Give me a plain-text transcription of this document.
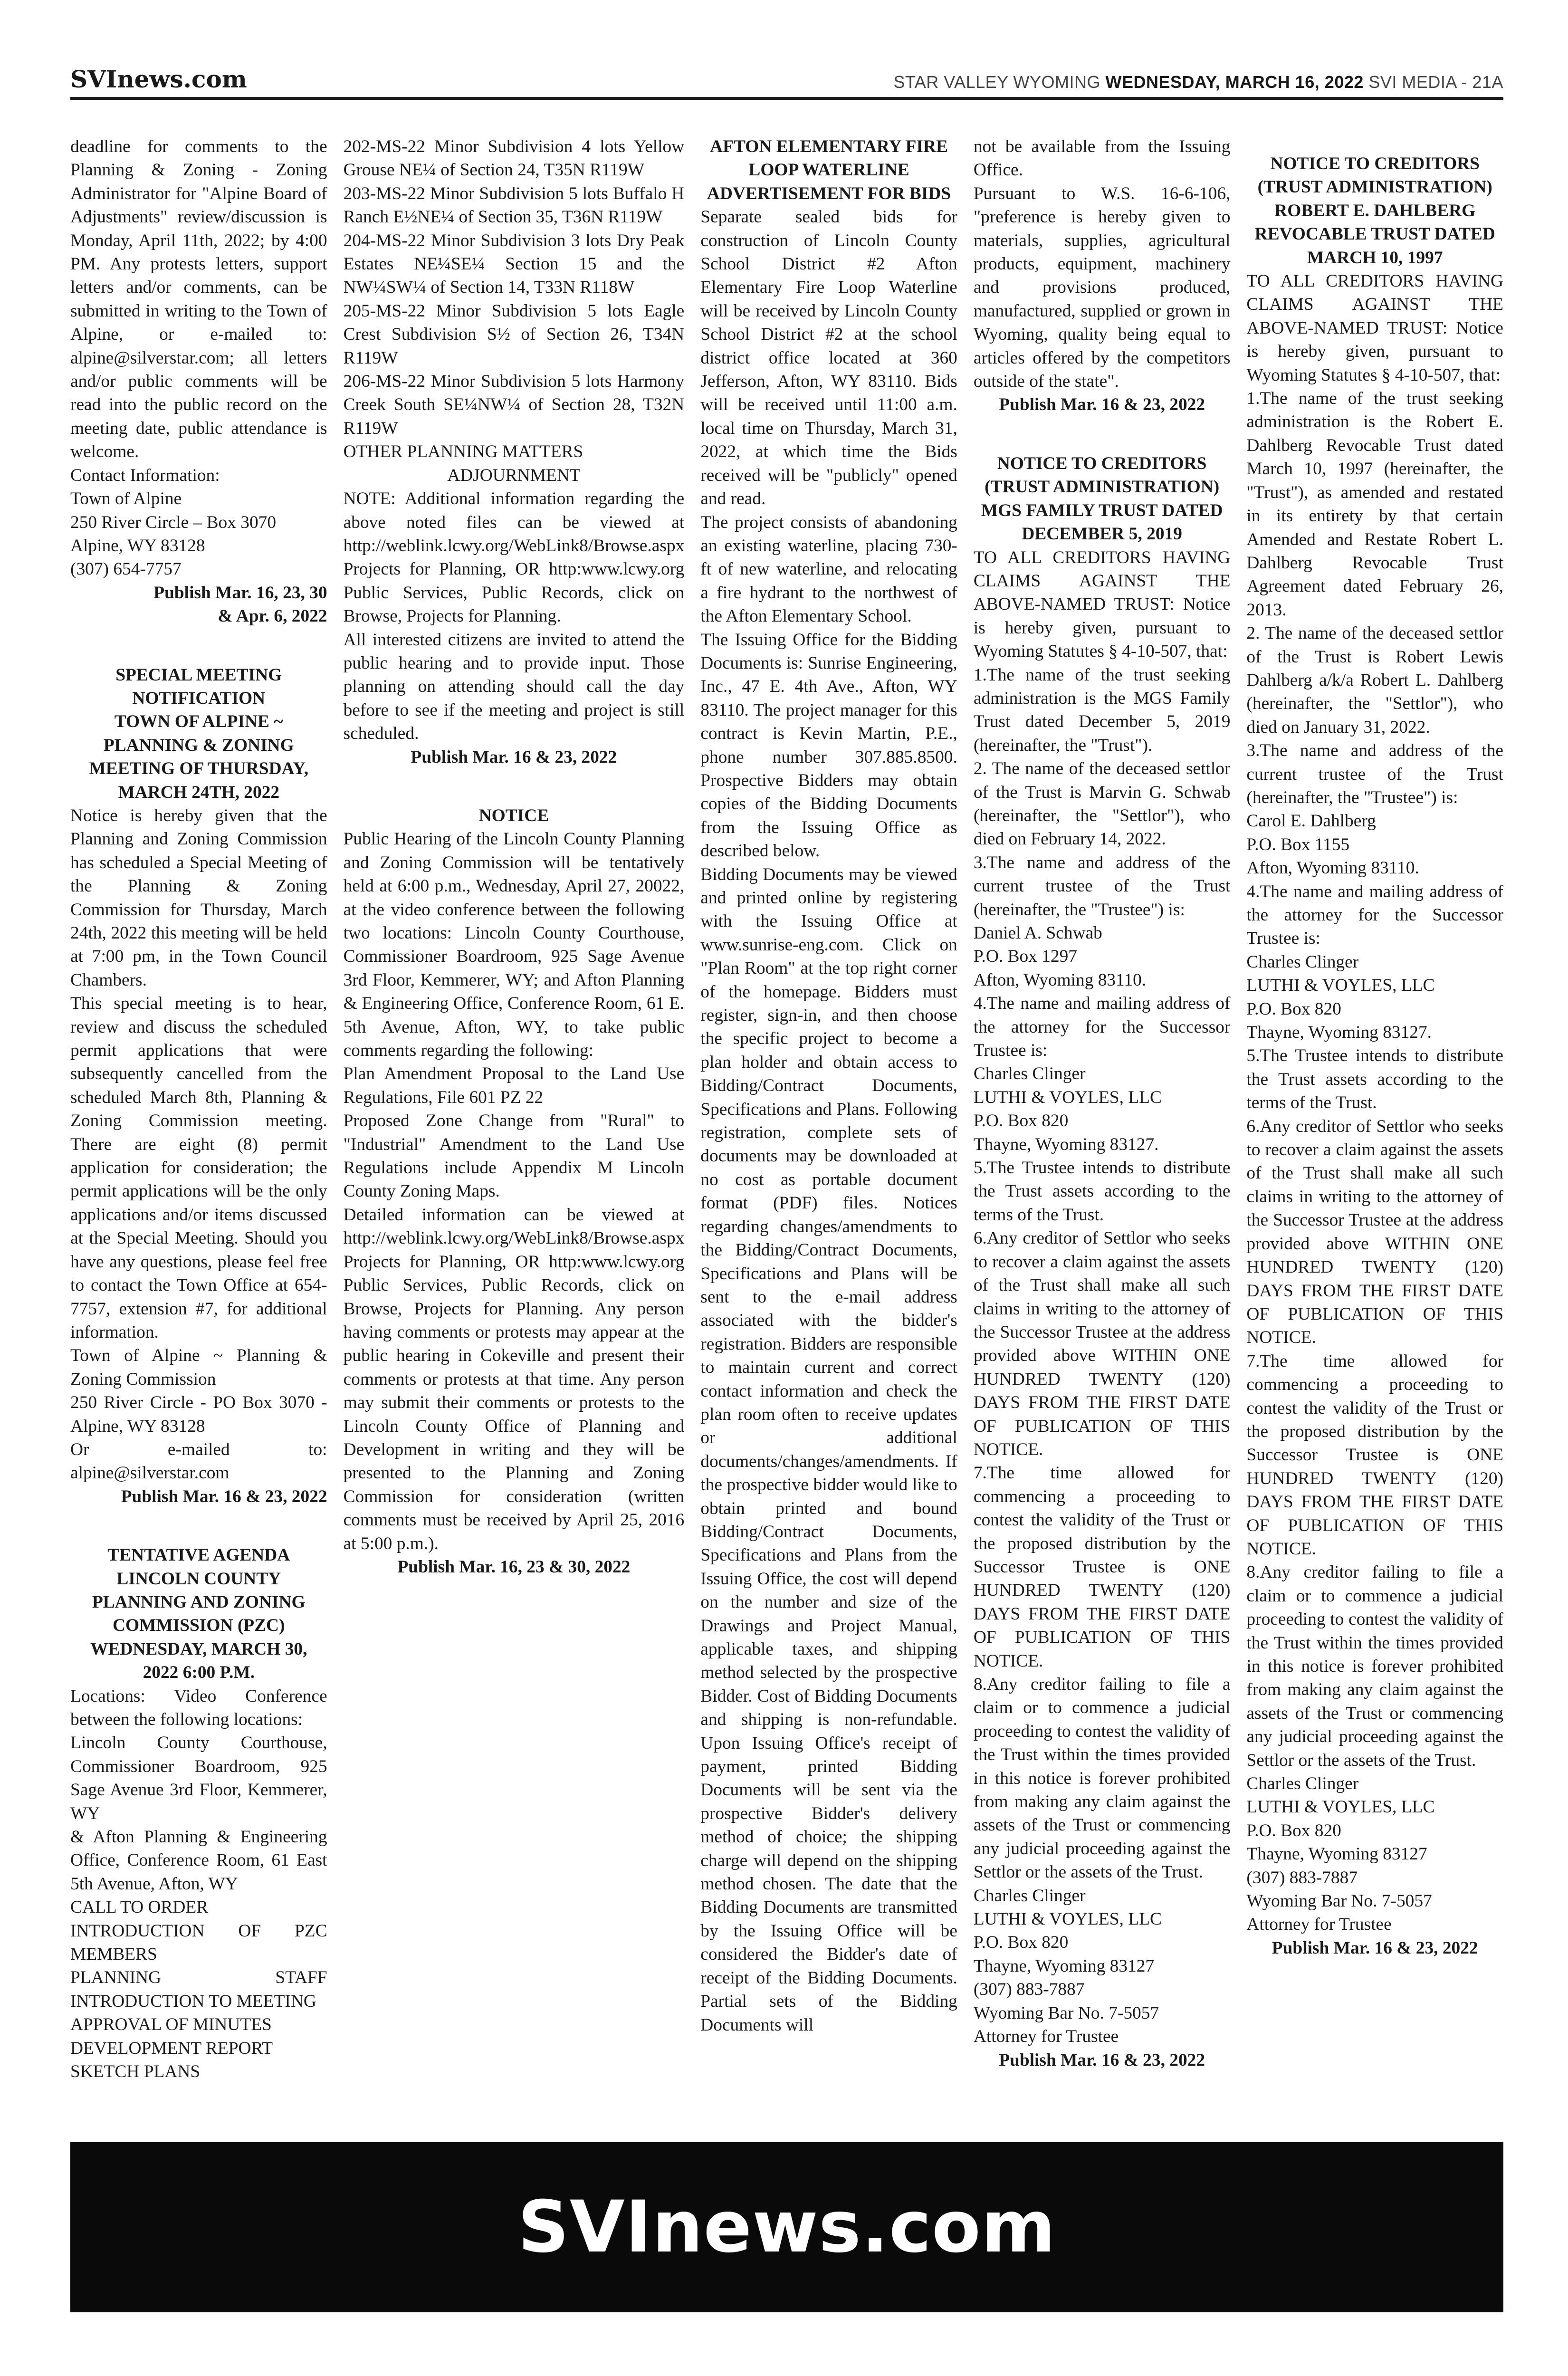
SVInews.com	STAR VALLEY WYOMING WEDNESDAY, MARCH 16, 2022 SVI MEDIA - 21A

deadline for comments to the Planning & Zoning - Zoning Administrator for "Alpine Board of Adjustments" review/discussion is Monday, April 11th, 2022; by 4:00 PM. Any protests letters, support letters and/or comments, can be submitted in writing to the Town of Alpine, or e-mailed to: alpine@silverstar.com; all letters and/or public comments will be read into the public record on the meeting date, public attendance is welcome.

Contact Information:

Town of Alpine

250 River Circle – Box 3070

Alpine, WY 83128

(307) 654-7757

Publish Mar. 16, 23, 30

& Apr. 6, 2022

SPECIAL MEETING

NOTIFICATION

TOWN OF ALPINE ~

PLANNING & ZONING

MEETING OF THURSDAY,

MARCH 24TH, 2022

Notice is hereby given that the Planning and Zoning Commission has scheduled a Special Meeting of the Planning & Zoning Commission for Thursday, March 24th, 2022 this meeting will be held at 7:00 pm, in the Town Council Chambers.

This special meeting is to hear, review and discuss the scheduled permit applications that were subsequently cancelled from the scheduled March 8th, Planning & Zoning Commission meeting. There are eight (8) permit application for consideration; the permit applications will be the only applications and/or items discussed at the Special Meeting. Should you have any questions, please feel free to contact the Town Office at 654-7757, extension #7, for additional information.

Town of Alpine ~ Planning & Zoning Commission

250 River Circle - PO Box 3070 - Alpine, WY 83128

Or e-mailed to: alpine@silverstar.com

Publish Mar. 16 & 23, 2022

TENTATIVE AGENDA

LINCOLN COUNTY

PLANNING AND ZONING

COMMISSION (PZC)

WEDNESDAY, MARCH 30,

2022 6:00 P.M.

Locations: Video Conference between the following locations:

Lincoln County Courthouse, Commissioner Boardroom, 925 Sage Avenue 3rd Floor, Kemmerer, WY

& Afton Planning & Engineering Office, Conference Room, 61 East 5th Avenue, Afton, WY

CALL TO ORDER

INTRODUCTION OF PZC MEMBERS

PLANNING STAFF INTRODUCTION TO MEETING

APPROVAL OF MINUTES

DEVELOPMENT REPORT

SKETCH PLANS

202-MS-22 Minor Subdivision 4 lots Yellow Grouse NE¼ of Section 24, T35N R119W

203-MS-22 Minor Subdivision 5 lots Buffalo H Ranch E½NE¼ of Section 35, T36N R119W

204-MS-22 Minor Subdivision 3 lots Dry Peak Estates NE¼SE¼ Section 15 and the NW¼SW¼ of Section 14, T33N R118W

205-MS-22 Minor Subdivision 5 lots Eagle Crest Subdivision S½ of Section 26, T34N R119W

206-MS-22 Minor Subdivision 5 lots Harmony Creek South SE¼NW¼ of Section 28, T32N R119W

OTHER PLANNING MATTERS

ADJOURNMENT

NOTE: Additional information regarding the above noted files can be viewed at http://weblink.lcwy.org/WebLink8/Browse.aspx Projects for Planning, OR http:www.lcwy.org Public Services, Public Records, click on Browse, Projects for Planning.

All interested citizens are invited to attend the public hearing and to provide input. Those planning on attending should call the day before to see if the meeting and project is still scheduled.

Publish Mar. 16 & 23, 2022

NOTICE

Public Hearing of the Lincoln County Planning and Zoning Commission will be tentatively held at 6:00 p.m., Wednesday, April 27, 20022, at the video conference between the following two locations: Lincoln County Courthouse, Commissioner Boardroom, 925 Sage Avenue 3rd Floor, Kemmerer, WY; and Afton Planning & Engineering Office, Conference Room, 61 E. 5th Avenue, Afton, WY, to take public comments regarding the following:

Plan Amendment Proposal to the Land Use Regulations, File 601 PZ 22

Proposed Zone Change from "Rural" to "Industrial" Amendment to the Land Use Regulations include Appendix M Lincoln County Zoning Maps.

Detailed information can be viewed at http://weblink.lcwy.org/WebLink8/Browse.aspx Projects for Planning, OR http:www.lcwy.org Public Services, Public Records, click on Browse, Projects for Planning. Any person having comments or protests may appear at the public hearing in Cokeville and present their comments or protests at that time. Any person may submit their comments or protests to the Lincoln County Office of Planning and Development in writing and they will be presented to the Planning and Zoning Commission for consideration (written comments must be received by April 25, 2016 at 5:00 p.m.).

Publish Mar. 16, 23 & 30, 2022

AFTON ELEMENTARY FIRE

LOOP WATERLINE

ADVERTISEMENT FOR BIDS

Separate sealed bids for construction of Lincoln County School District #2 Afton Elementary Fire Loop Waterline will be received by Lincoln County School District #2 at the school district office located at 360 Jefferson, Afton, WY 83110. Bids will be received until 11:00 a.m. local time on Thursday, March 31, 2022, at which time the Bids received will be "publicly" opened and read.

The project consists of abandoning an existing waterline, placing 730-ft of new waterline, and relocating a fire hydrant to the northwest of the Afton Elementary School.

The Issuing Office for the Bidding Documents is: Sunrise Engineering, Inc., 47 E. 4th Ave., Afton, WY 83110. The project manager for this contract is Kevin Martin, P.E., phone number 307.885.8500. Prospective Bidders may obtain copies of the Bidding Documents from the Issuing Office as described below.

Bidding Documents may be viewed and printed online by registering with the Issuing Office at www.sunrise-eng.com. Click on "Plan Room" at the top right corner of the homepage. Bidders must register, sign-in, and then choose the specific project to become a plan holder and obtain access to Bidding/Contract Documents, Specifications and Plans. Following registration, complete sets of documents may be downloaded at no cost as portable document format (PDF) files. Notices regarding changes/amendments to the Bidding/Contract Documents, Specifications and Plans will be sent to the e-mail address associated with the bidder's registration. Bidders are responsible to maintain current and correct contact information and check the plan room often to receive updates or additional documents/changes/amendments. If the prospective bidder would like to obtain printed and bound Bidding/Contract Documents, Specifications and Plans from the Issuing Office, the cost will depend on the number and size of the Drawings and Project Manual, applicable taxes, and shipping method selected by the prospective Bidder. Cost of Bidding Documents and shipping is non-refundable. Upon Issuing Office's receipt of payment, printed Bidding Documents will be sent via the prospective Bidder's delivery method of choice; the shipping charge will depend on the shipping method chosen. The date that the Bidding Documents are transmitted by the Issuing Office will be considered the Bidder's date of receipt of the Bidding Documents. Partial sets of the Bidding Documents will

not be available from the Issuing Office.

Pursuant to W.S. 16-6-106, "preference is hereby given to materials, supplies, agricultural products, equipment, machinery and provisions produced, manufactured, supplied or grown in Wyoming, quality being equal to articles offered by the competitors outside of the state".

Publish Mar. 16 & 23, 2022

NOTICE TO CREDITORS

(TRUST ADMINISTRATION)

MGS FAMILY TRUST DATED

DECEMBER 5, 2019

TO ALL CREDITORS HAVING CLAIMS AGAINST THE ABOVE-NAMED TRUST: Notice is hereby given, pursuant to Wyoming Statutes § 4-10-507, that:

1.The name of the trust seeking administration is the MGS Family Trust dated December 5, 2019 (hereinafter, the "Trust").

2. The name of the deceased settlor of the Trust is Marvin G. Schwab (hereinafter, the "Settlor"), who died on February 14, 2022.

3.The name and address of the current trustee of the Trust (hereinafter, the "Trustee") is:

Daniel A. Schwab

P.O. Box 1297

Afton, Wyoming 83110.

4.The name and mailing address of the attorney for the Successor Trustee is:

Charles Clinger

LUTHI & VOYLES, LLC

P.O. Box 820

Thayne, Wyoming 83127.

5.The Trustee intends to distribute the Trust assets according to the terms of the Trust.

6.Any creditor of Settlor who seeks to recover a claim against the assets of the Trust shall make all such claims in writing to the attorney of the Successor Trustee at the address provided above WITHIN ONE HUNDRED TWENTY (120) DAYS FROM THE FIRST DATE OF PUBLICATION OF THIS NOTICE.

7.The time allowed for commencing a proceeding to contest the validity of the Trust or the proposed distribution by the Successor Trustee is ONE HUNDRED TWENTY (120) DAYS FROM THE FIRST DATE OF PUBLICATION OF THIS NOTICE.

8.Any creditor failing to file a claim or to commence a judicial proceeding to contest the validity of the Trust within the times provided in this notice is forever prohibited from making any claim against the assets of the Trust or commencing any judicial proceeding against the Settlor or the assets of the Trust.

Charles Clinger

LUTHI & VOYLES, LLC

P.O. Box 820

Thayne, Wyoming 83127

(307) 883-7887

Wyoming Bar No. 7-5057

Attorney for Trustee

Publish Mar. 16 & 23, 2022

NOTICE TO CREDITORS

(TRUST ADMINISTRATION)

ROBERT E. DAHLBERG

REVOCABLE TRUST DATED

MARCH 10, 1997

TO ALL CREDITORS HAVING CLAIMS AGAINST THE ABOVE-NAMED TRUST: Notice is hereby given, pursuant to Wyoming Statutes § 4-10-507, that:

1.The name of the trust seeking administration is the Robert E. Dahlberg Revocable Trust dated March 10, 1997 (hereinafter, the "Trust"), as amended and restated in its entirety by that certain Amended and Restate Robert L. Dahlberg Revocable Trust Agreement dated February 26, 2013.

2. The name of the deceased settlor of the Trust is Robert Lewis Dahlberg a/k/a Robert L. Dahlberg (hereinafter, the "Settlor"), who died on January 31, 2022.

3.The name and address of the current trustee of the Trust (hereinafter, the "Trustee") is:

Carol E. Dahlberg

P.O. Box 1155

Afton, Wyoming 83110.

4.The name and mailing address of the attorney for the Successor Trustee is:

Charles Clinger

LUTHI & VOYLES, LLC

P.O. Box 820

Thayne, Wyoming 83127.

5.The Trustee intends to distribute the Trust assets according to the terms of the Trust.

6.Any creditor of Settlor who seeks to recover a claim against the assets of the Trust shall make all such claims in writing to the attorney of the Successor Trustee at the address provided above WITHIN ONE HUNDRED TWENTY (120) DAYS FROM THE FIRST DATE OF PUBLICATION OF THIS NOTICE.

7.The time allowed for commencing a proceeding to contest the validity of the Trust or the proposed distribution by the Successor Trustee is ONE HUNDRED TWENTY (120) DAYS FROM THE FIRST DATE OF PUBLICATION OF THIS NOTICE.

8.Any creditor failing to file a claim or to commence a judicial proceeding to contest the validity of the Trust within the times provided in this notice is forever prohibited from making any claim against the assets of the Trust or commencing any judicial proceeding against the Settlor or the assets of the Trust.

Charles Clinger

LUTHI & VOYLES, LLC

P.O. Box 820

Thayne, Wyoming 83127

(307) 883-7887

Wyoming Bar No. 7-5057

Attorney for Trustee

Publish Mar. 16 & 23, 2022

SVInews.com
